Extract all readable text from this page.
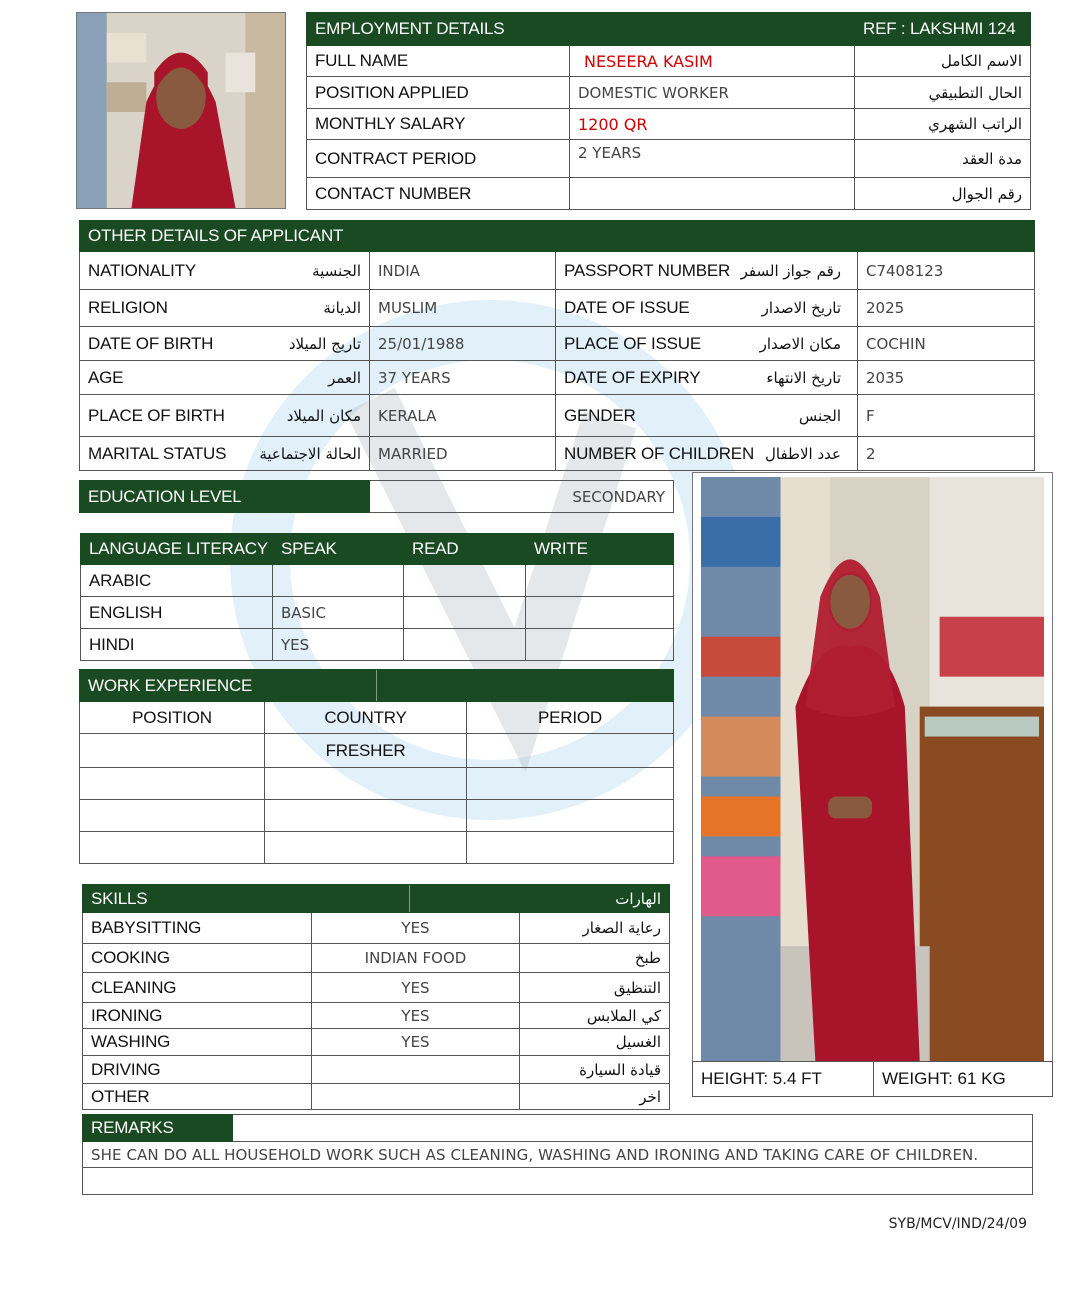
EMPLOYMENT DETAILS		REF : LAKSHMI 124
FULL NAME	NESEERA KASIM	الاسم الكامل
POSITION APPLIED	DOMESTIC WORKER	الحال التطبيقي
MONTHLY SALARY	1200 QR	الراتب الشهري
CONTRACT PERIOD	2 YEARS	مدة العقد
CONTACT NUMBER		رقم الجوال
OTHER DETAILS OF APPLICANT			

NATIONALITY الجنسية	INDIA	PASSPORT NUMBER رقم جواز السفر	C7408123

RELIGION الديانة	MUSLIM	DATE OF ISSUE تاريخ الاصدار	2025

DATE OF BIRTH تاريج الميلاد	25/01/1988	PLACE OF ISSUE مكان الاصدار	COCHIN

AGE العمر	37 YEARS	DATE OF EXPIRY تاريخ الانتهاء	2035

PLACE OF BIRTH مكان الميلاد	KERALA	GENDER الجنس	F

MARITAL STATUS الحالة الاجتماعية	MARRIED	NUMBER OF CHILDREN عدد الاطفال	2
EDUCATION LEVEL	SECONDARY
LANGUAGE LITERACY	SPEAK	READ	WRITE
ARABIC			
ENGLISH	BASIC		
HINDI	YES		
WORK EXPERIENCE		

POSITION	COUNTRY	PERIOD
	FRESHER	

SKILLS		الهارات
BABYSITTING	YES	رعاية الصغار
COOKING	INDIAN FOOD	طبخ
CLEANING	YES	التنظيق
IRONING	YES	كي الملابس
WASHING	YES	الغسيل
DRIVING		قيادة السيارة
OTHER		اخر
HEIGHT: 5.4 FT	WEIGHT: 61 KG
REMARKS	
SHE CAN DO ALL HOUSEHOLD WORK SUCH AS CLEANING, WASHING AND IRONING AND TAKING CARE OF CHILDREN.

SYB/MCV/IND/24/09
